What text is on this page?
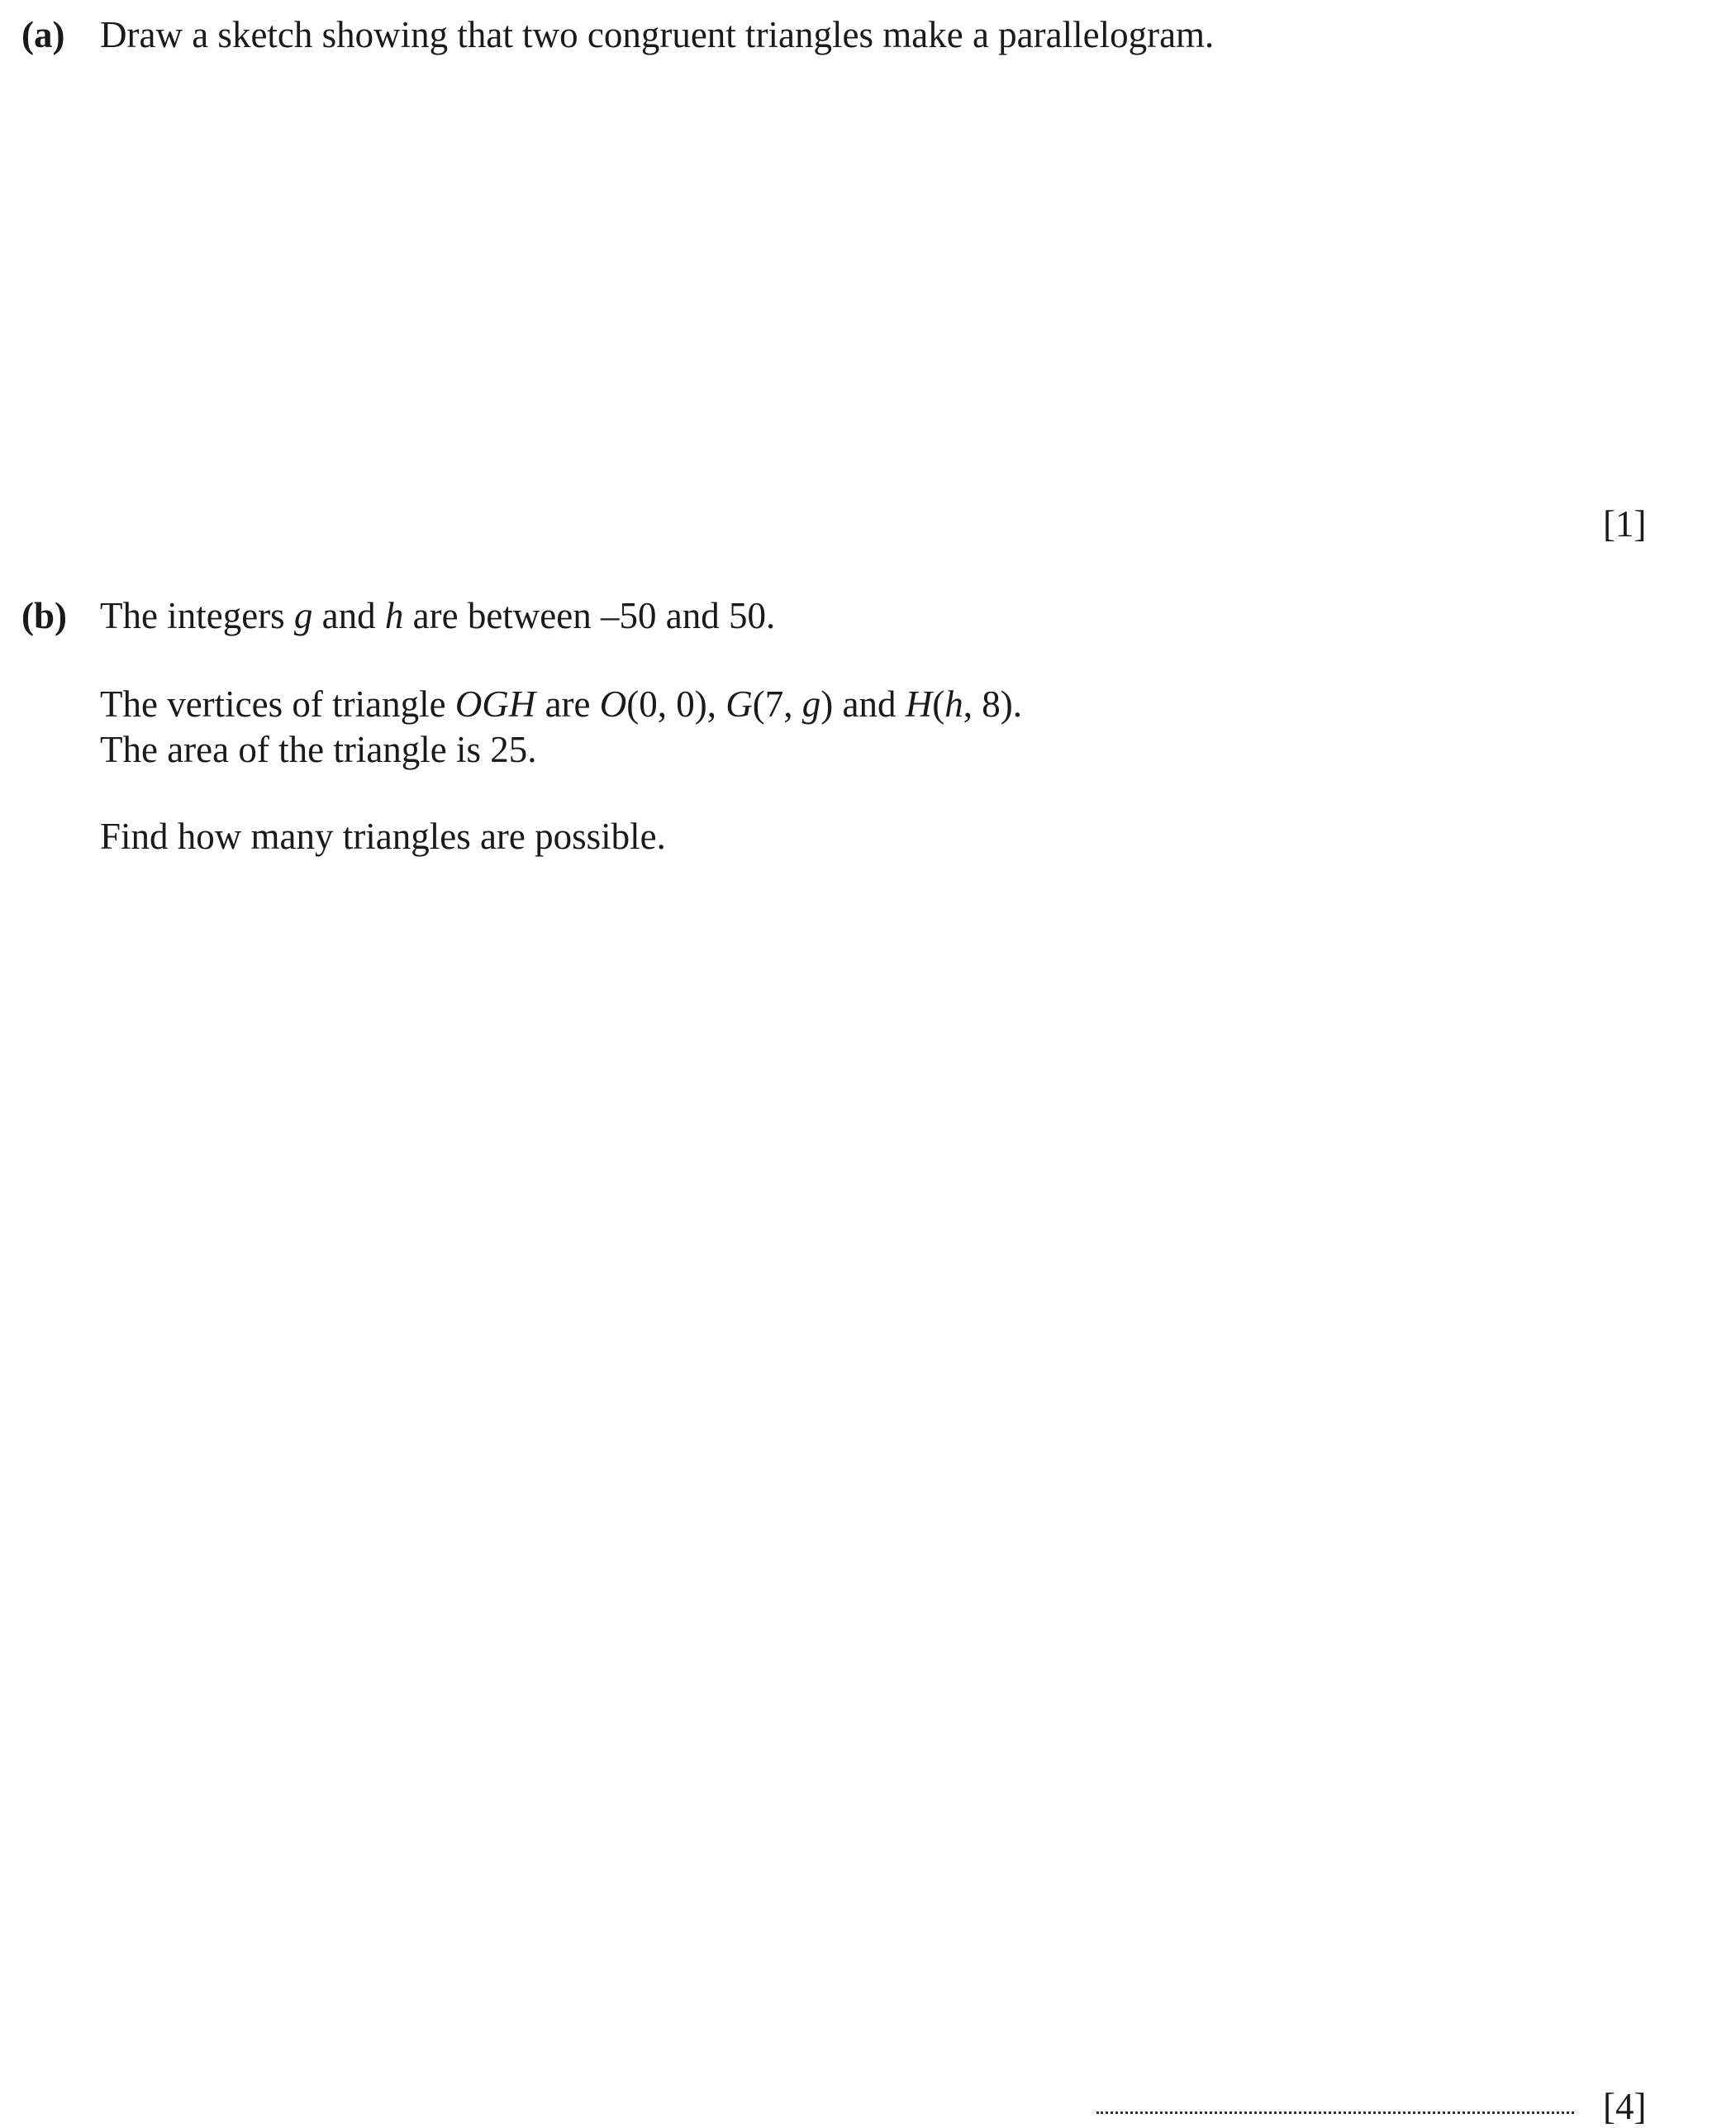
(a) Draw a sketch showing that two congruent triangles make a parallelogram.
[1]
(b) The integers g and h are between –50 and 50.
The vertices of triangle OGH are O(0, 0), G(7, g) and H(h, 8).
The area of the triangle is 25.
Find how many triangles are possible.
[4]
